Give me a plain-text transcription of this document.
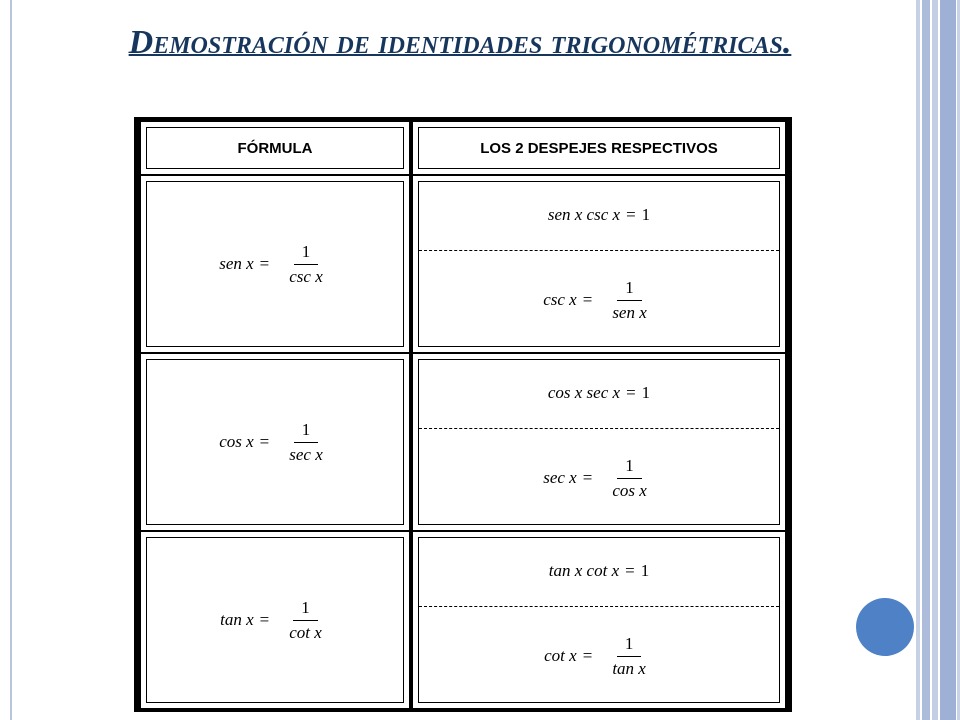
Demostración de identidades trigonométricas.
FÓRMULA	LOS 2 DESPEJES RESPECTIVOS
sen $x = \frac{1}{\text{csc x}}$
sen x csc x = 1
$\csc x = \frac{1}{\text{sen x}}$
$\cos x = \frac{1}{\text{sec x}}$
cos x sec x = 1
$\sec x = \frac{1}{\text{cos x}}$
$\tan x = \frac{1}{\text{cot x}}$
tan x cot x = 1
$\cot x = \frac{1}{\text{tan x}}$
